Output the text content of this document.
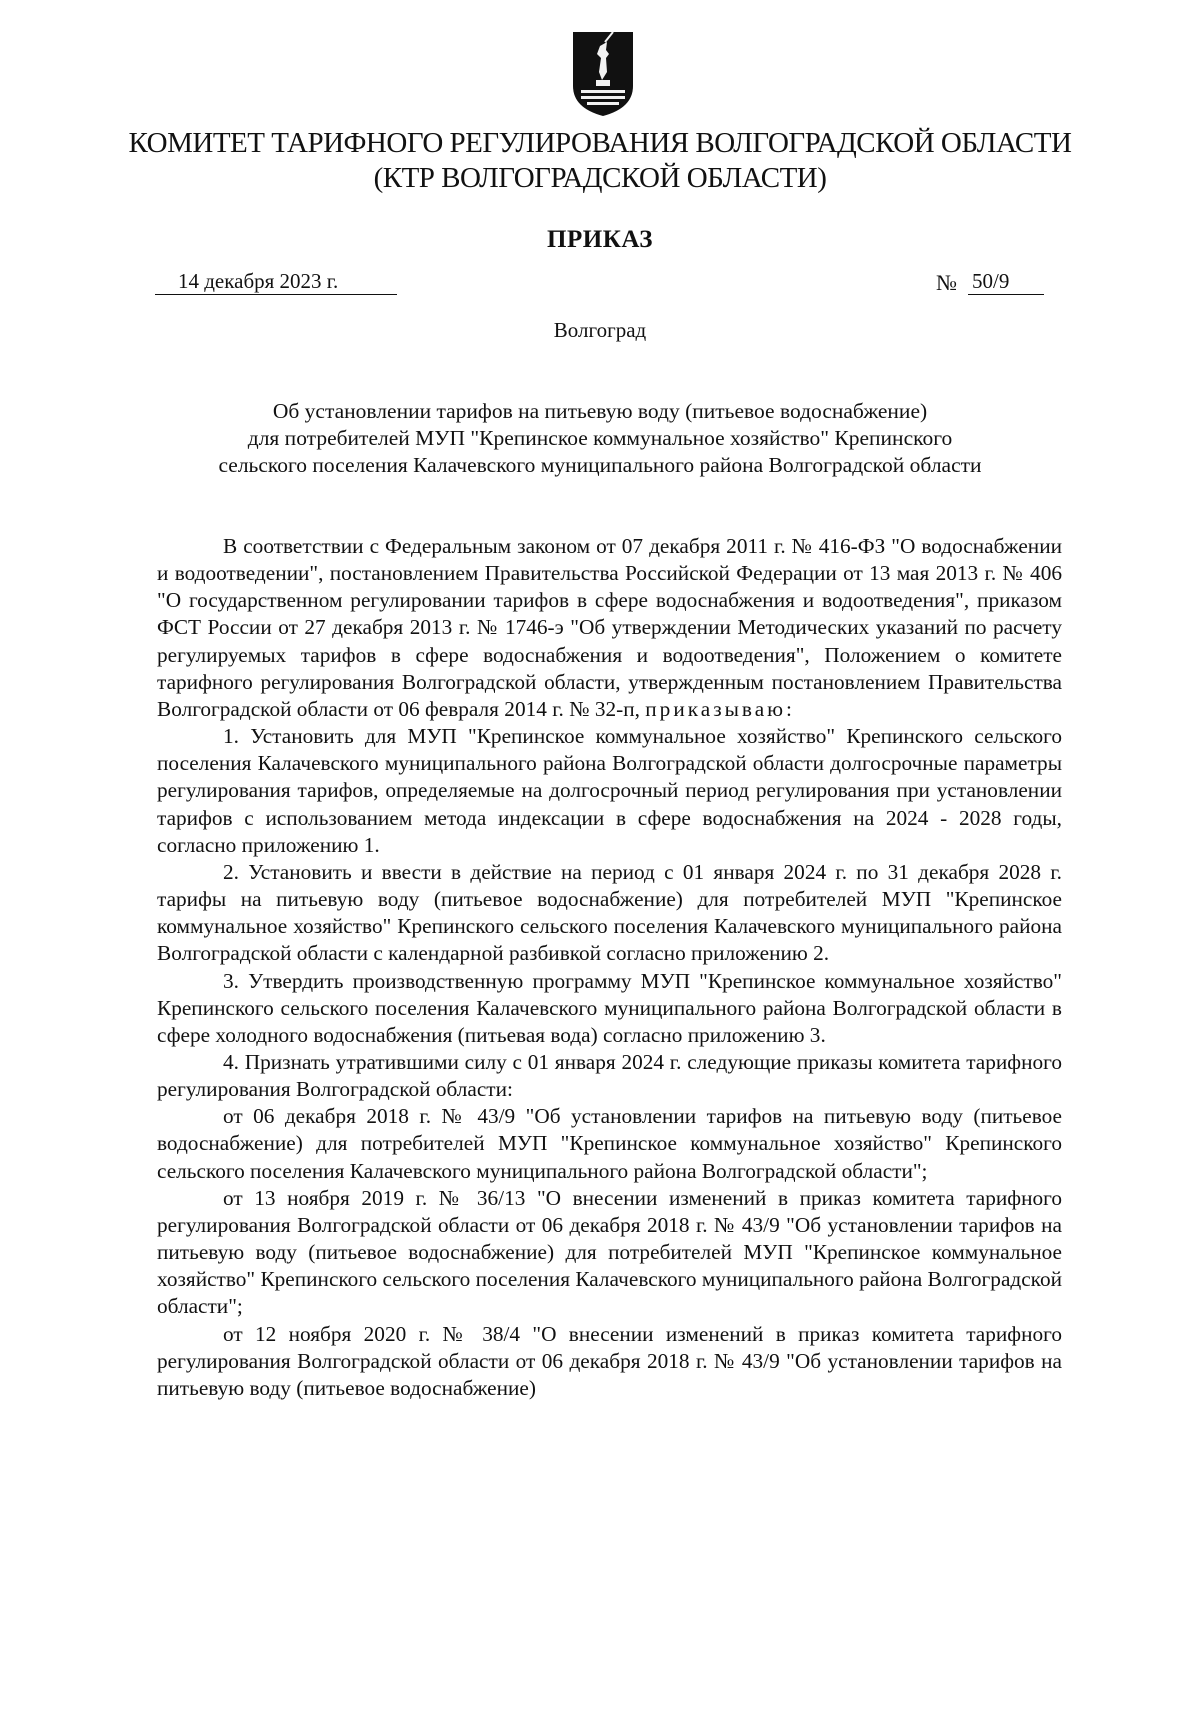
КОМИТЕТ ТАРИФНОГО РЕГУЛИРОВАНИЯ ВОЛГОГРАДСКОЙ ОБЛАСТИ
(КТР ВОЛГОГРАДСКОЙ ОБЛАСТИ)
ПРИКАЗ
14 декабря 2023 г.	№ 50/9
Волгоград
Об установлении тарифов на питьевую воду (питьевое водоснабжение)
для потребителей МУП "Крепинское коммунальное хозяйство" Крепинского
сельского поселения Калачевского муниципального района Волгоградской области

В соответствии с Федеральным законом от 07 декабря 2011 г. № 416-ФЗ "О водоснабжении и водоотведении", постановлением Правительства Российской Федерации от 13 мая 2013 г. № 406 "О государственном регулировании тарифов в сфере водоснабжения и водоотведения", приказом ФСТ России от 27 декабря 2013 г. № 1746-э "Об утверждении Методических указаний по расчету регулируемых тарифов в сфере водоснабжения и водоотведения", Положением о комитете тарифного регулирования Волгоградской области, утвержденным постановлением Правительства Волгоградской области от 06 февраля 2014 г. № 32-п, приказываю:

1. Установить для МУП "Крепинское коммунальное хозяйство" Крепинского сельского поселения Калачевского муниципального района Волгоградской области долгосрочные параметры регулирования тарифов, определяемые на долгосрочный период регулирования при установлении тарифов с использованием метода индексации в сфере водоснабжения на 2024 - 2028 годы, согласно приложению 1.

2. Установить и ввести в действие на период с 01 января 2024 г. по 31 декабря 2028 г. тарифы на питьевую воду (питьевое водоснабжение) для потребителей МУП "Крепинское коммунальное хозяйство" Крепинского сельского поселения Калачевского муниципального района Волгоградской области с календарной разбивкой согласно приложению 2.

3. Утвердить производственную программу МУП "Крепинское коммунальное хозяйство" Крепинского сельского поселения Калачевского муниципального района Волгоградской области в сфере холодного водоснабжения (питьевая вода) согласно приложению 3.

4. Признать утратившими силу с 01 января 2024 г. следующие приказы комитета тарифного регулирования Волгоградской области:

от 06 декабря 2018 г. № 43/9 "Об установлении тарифов на питьевую воду (питьевое водоснабжение) для потребителей МУП "Крепинское коммунальное хозяйство" Крепинского сельского поселения Калачевского муниципального района Волгоградской области";

от 13 ноября 2019 г. № 36/13 "О внесении изменений в приказ комитета тарифного регулирования Волгоградской области от 06 декабря 2018 г. № 43/9 "Об установлении тарифов на питьевую воду (питьевое водоснабжение) для потребителей МУП "Крепинское коммунальное хозяйство" Крепинского сельского поселения Калачевского муниципального района Волгоградской области";

от 12 ноября 2020 г. № 38/4 "О внесении изменений в приказ комитета тарифного регулирования Волгоградской области от 06 декабря 2018 г. № 43/9 "Об установлении тарифов на питьевую воду (питьевое водоснабжение)
